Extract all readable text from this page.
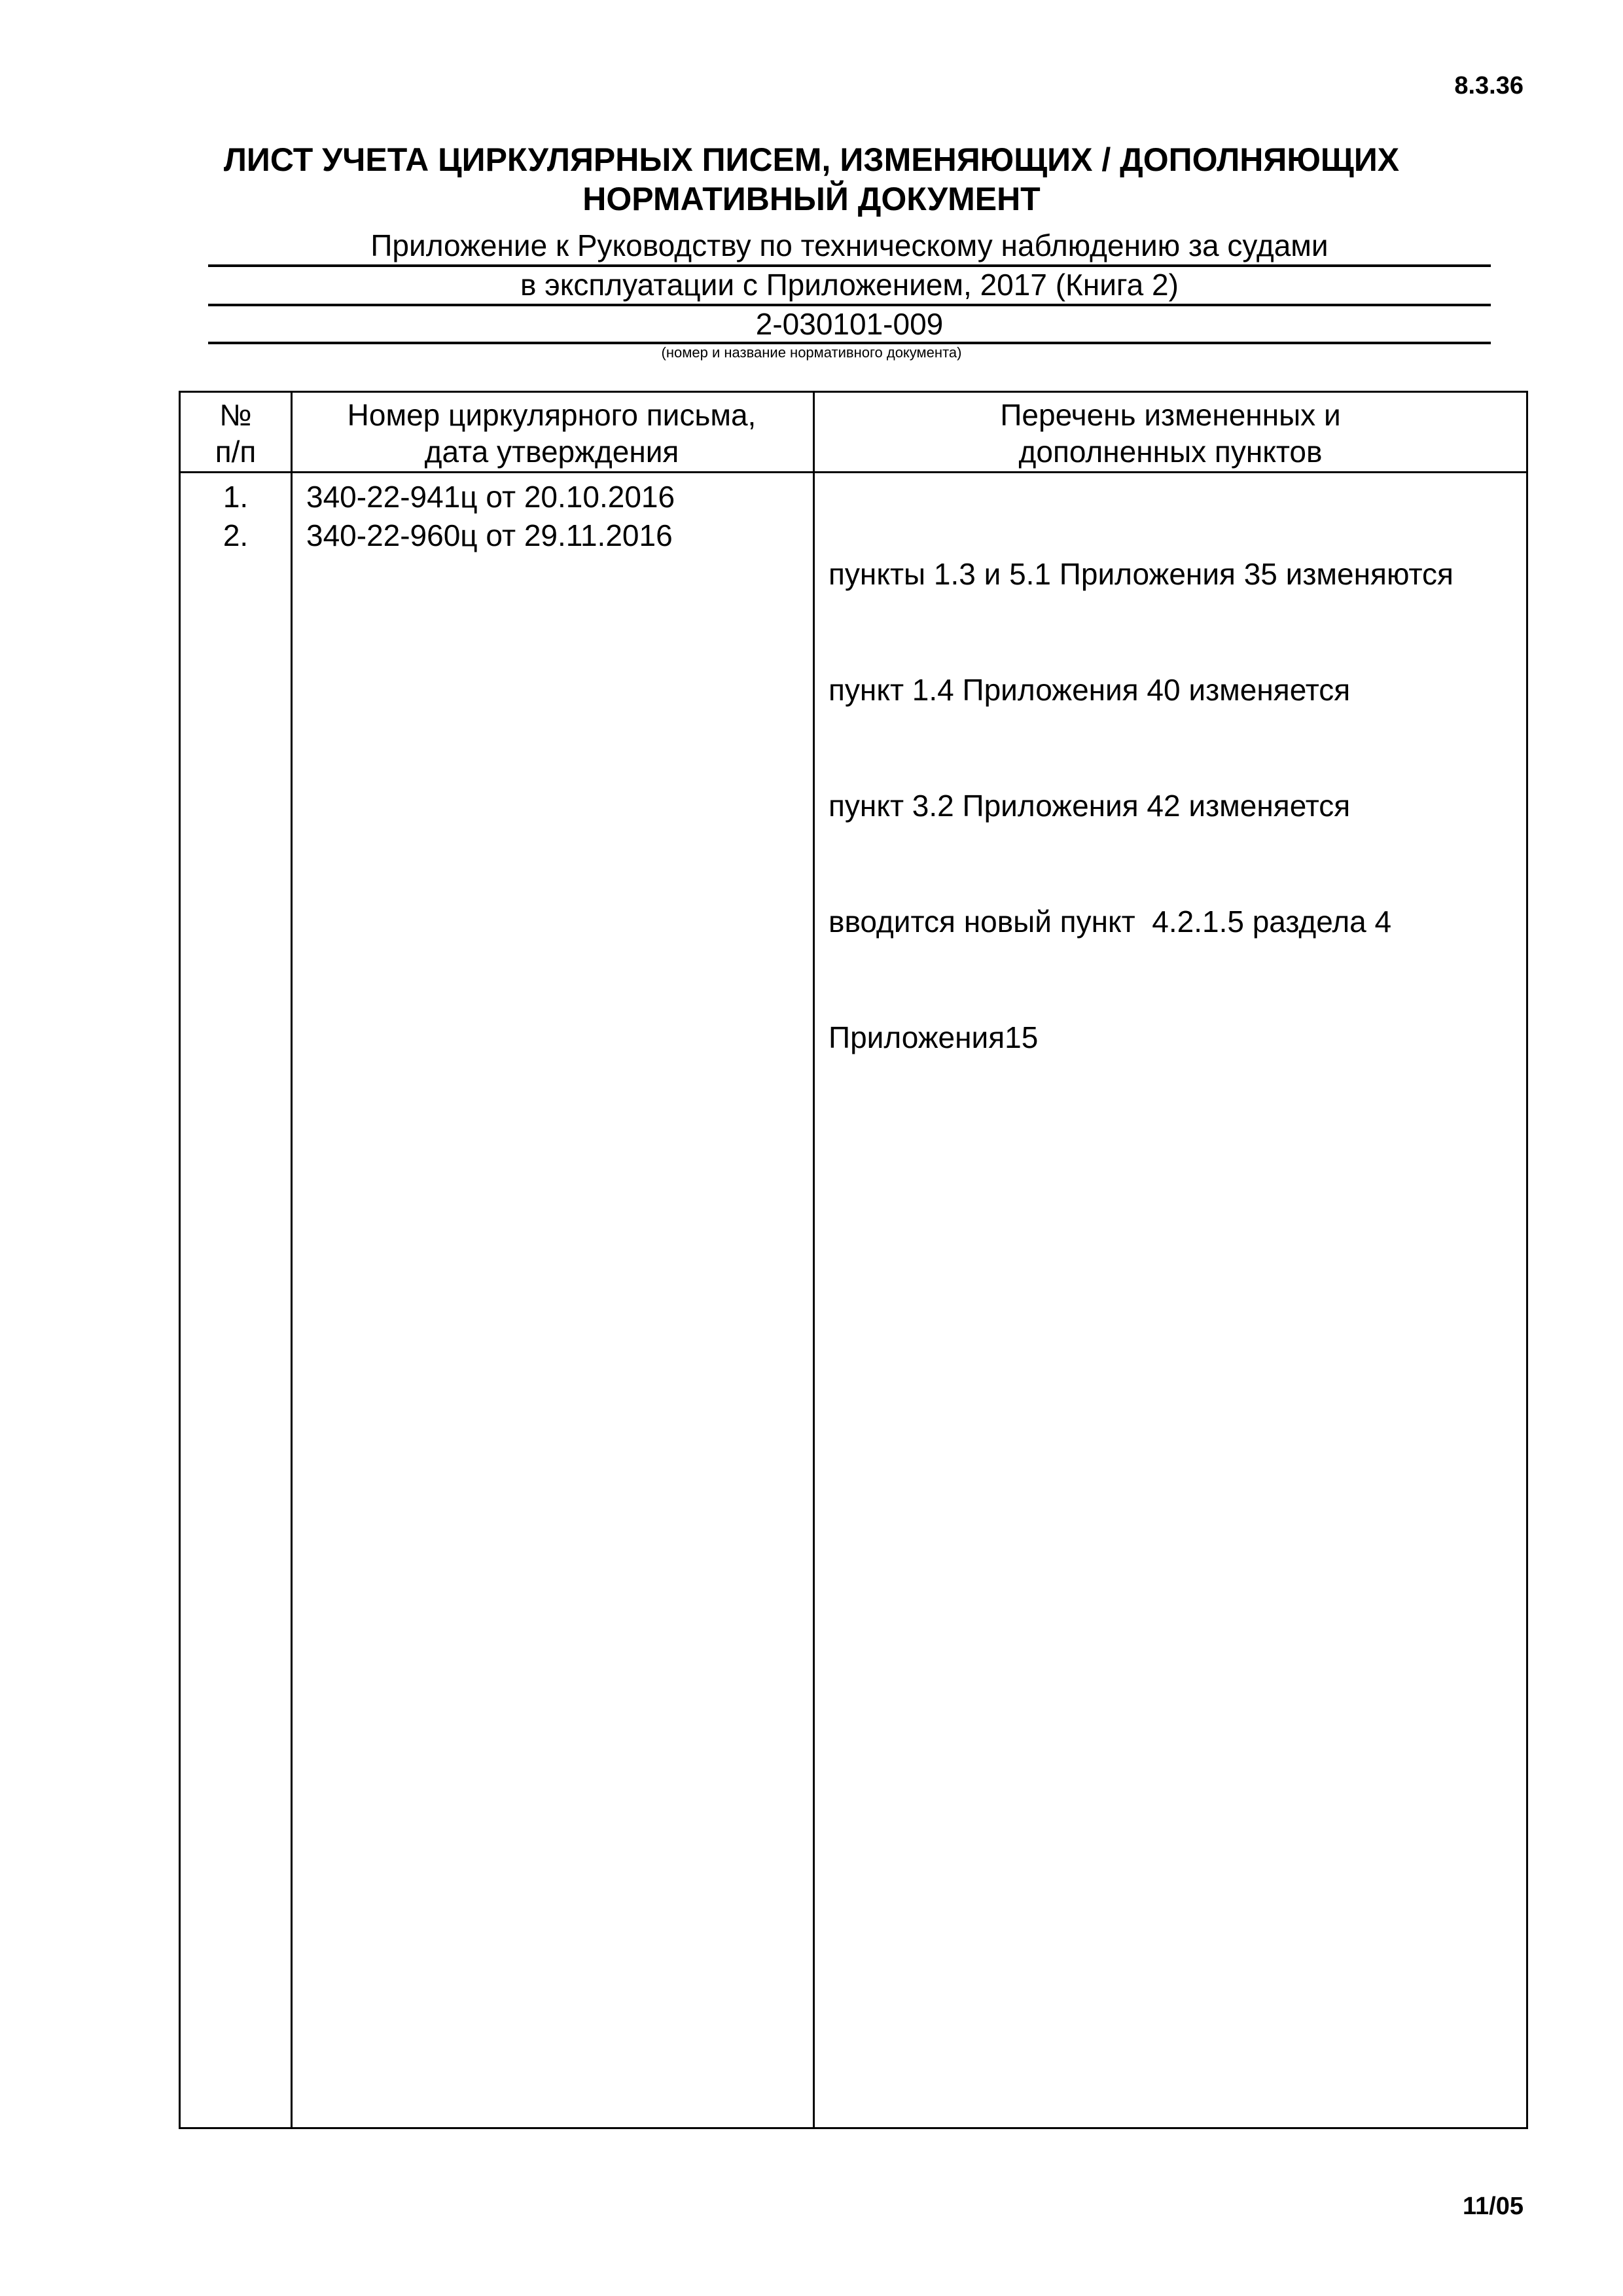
8.3.36
ЛИСТ УЧЕТА ЦИРКУЛЯРНЫХ ПИСЕМ, ИЗМЕНЯЮЩИХ / ДОПОЛНЯЮЩИХ
НОРМАТИВНЫЙ ДОКУМЕНТ
Приложение к Руководству по техническому наблюдению за судами
в эксплуатации с Приложением, 2017 (Книга 2)
2-030101-009
(номер и название нормативного документа)
№
п/п
Номер циркулярного письма,
дата утверждения
Перечень измененных и
дополненных пунктов
1.
2.
340-22-941ц от 20.10.2016
340-22-960ц от 29.11.2016

пункты 1.3 и 5.1 Приложения 35 изменяются

пункт 1.4 Приложения 40 изменяется

пункт 3.2 Приложения 42 изменяется

вводится новый пункт  4.2.1.5 раздела 4

Приложения15

11/05
